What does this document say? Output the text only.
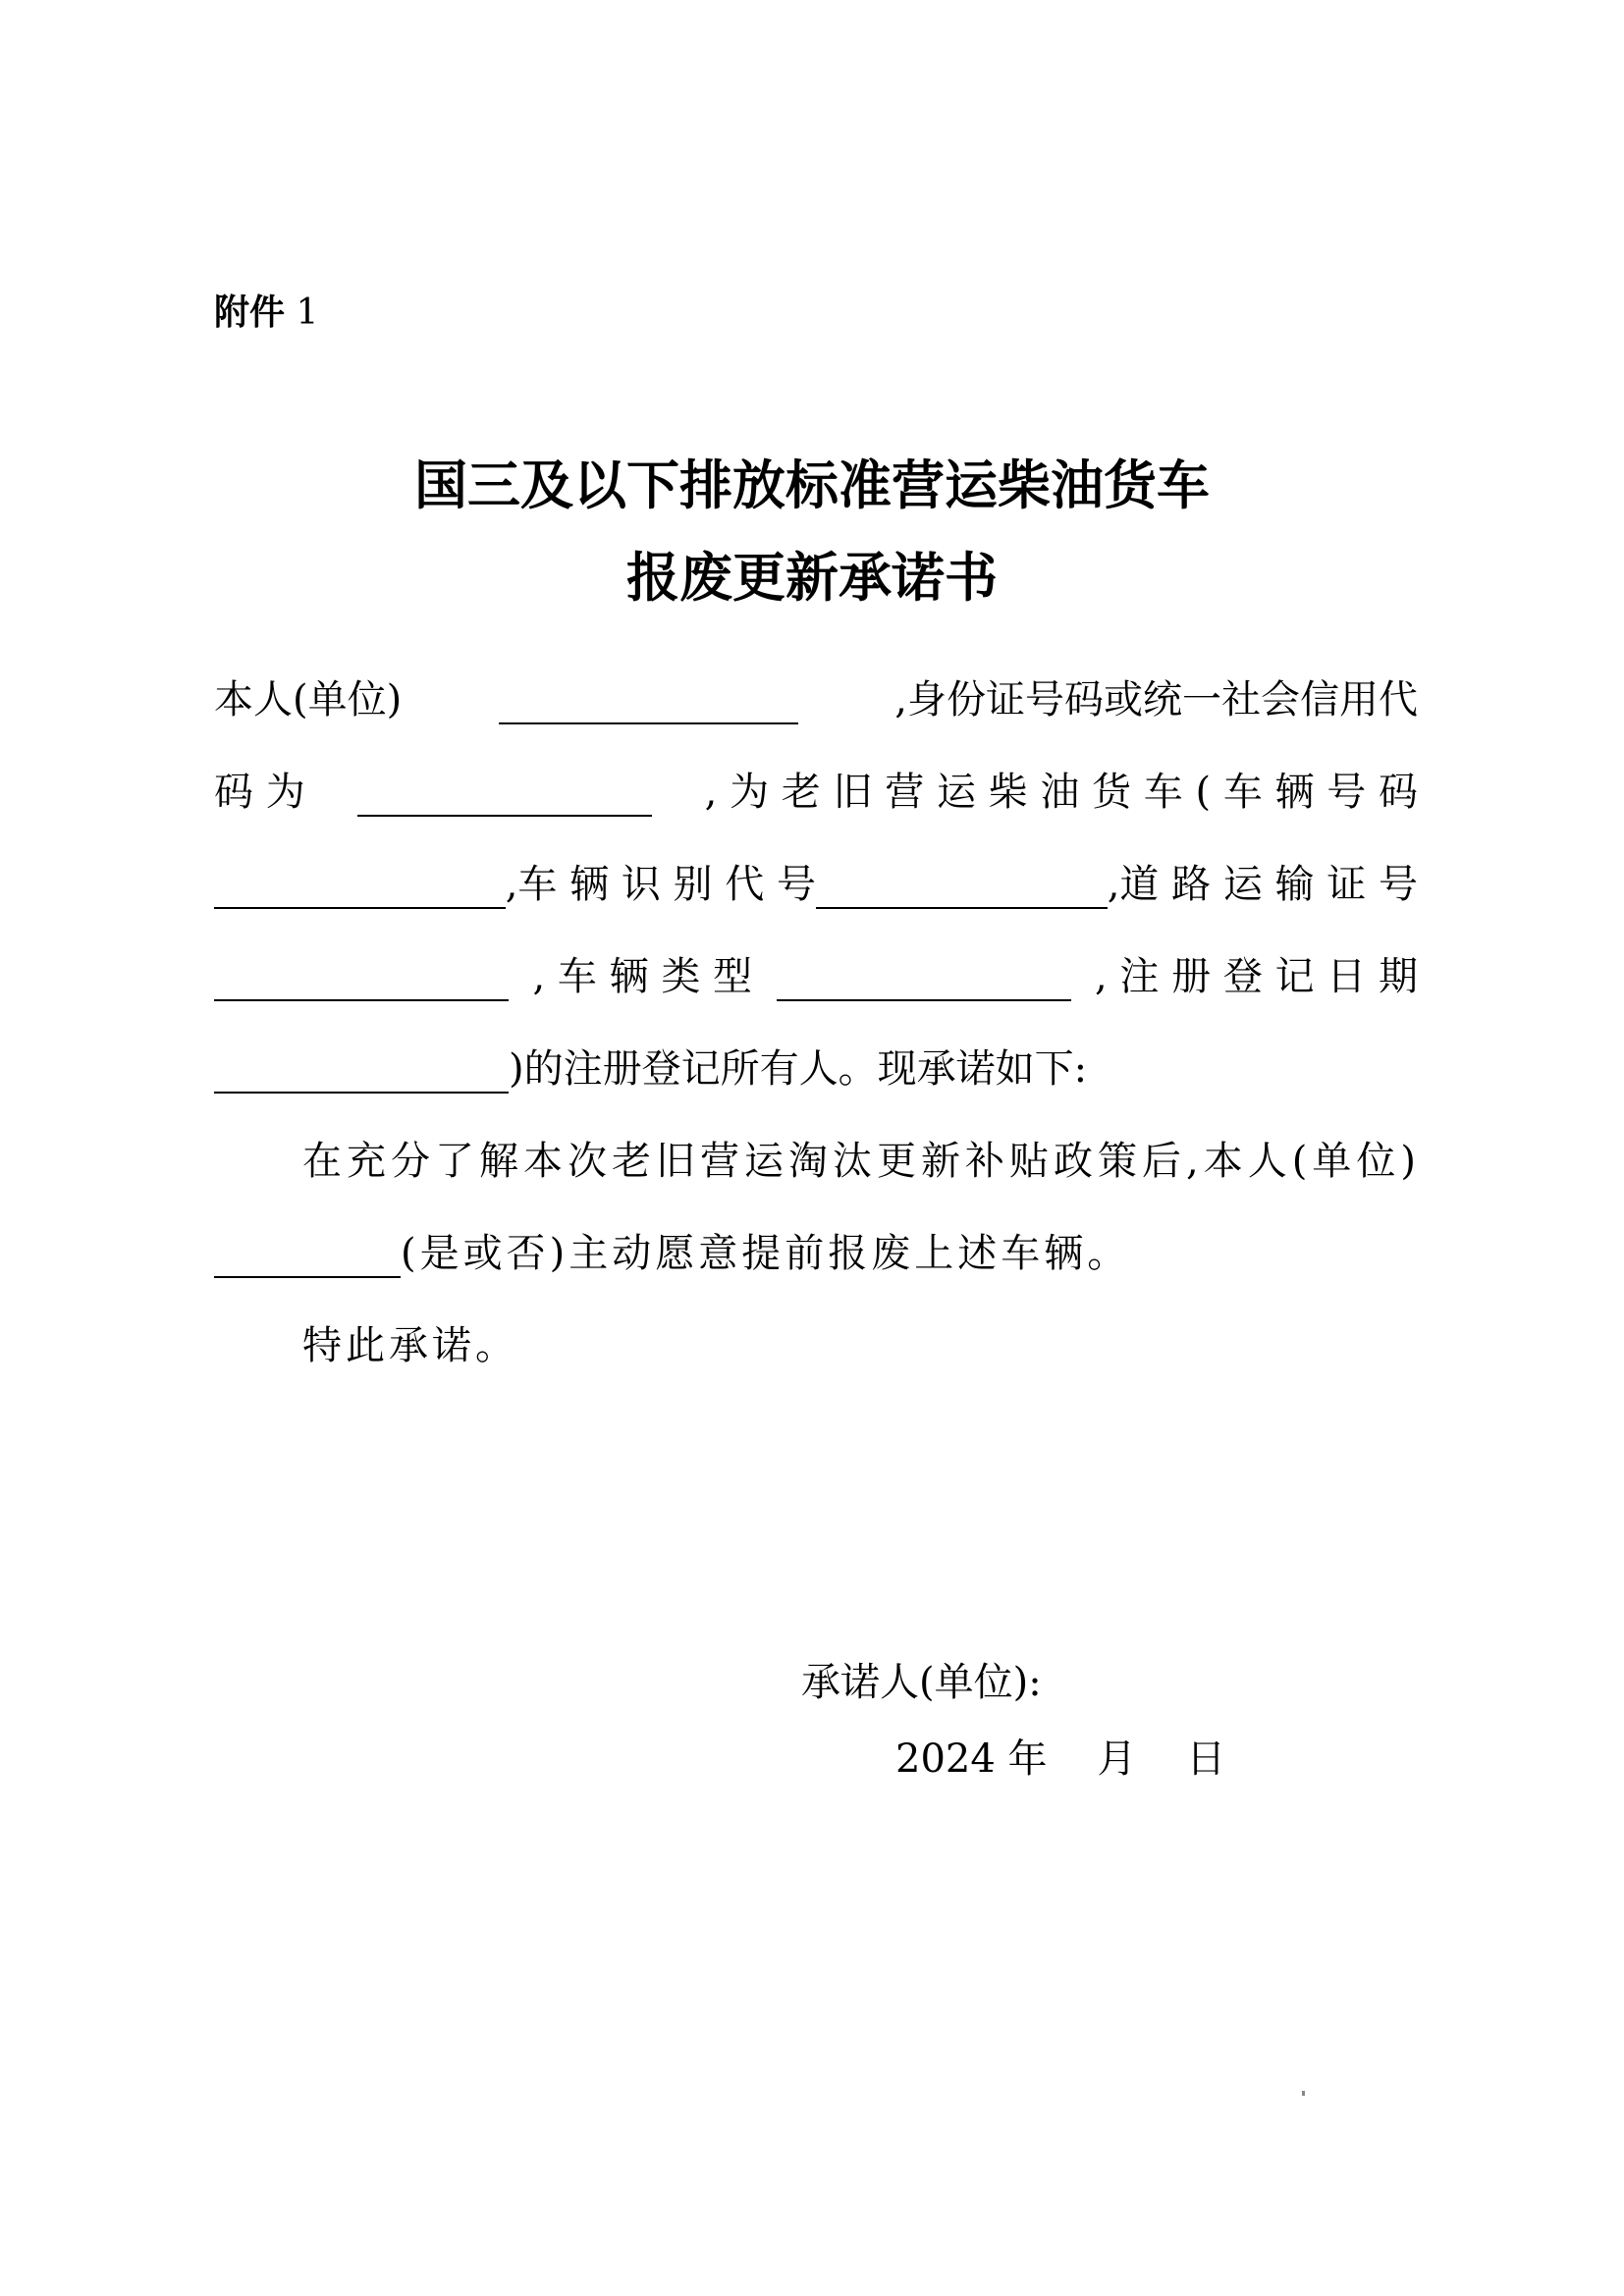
附件 1
国三及以下排放标准营运柴油货车
报废更新承诺书
本人(单位)	,身份证号码或统一社会信用代
码 为	, 为 老 旧 营 运 柴 油 货 车 ( 车 辆 号 码
,车 辆 识 别 代 号	,道 路 运 输 证 号
, 车 辆 类 型	, 注 册 登 记 日 期
)的注册登记所有人。现承诺如下:
在充分了解本次老旧营运淘汰更新补贴政策后,本人(单位)
(是或否)主动愿意提前报废上述车辆。
特此承诺。
承诺人(单位):
2024 年    月    日
